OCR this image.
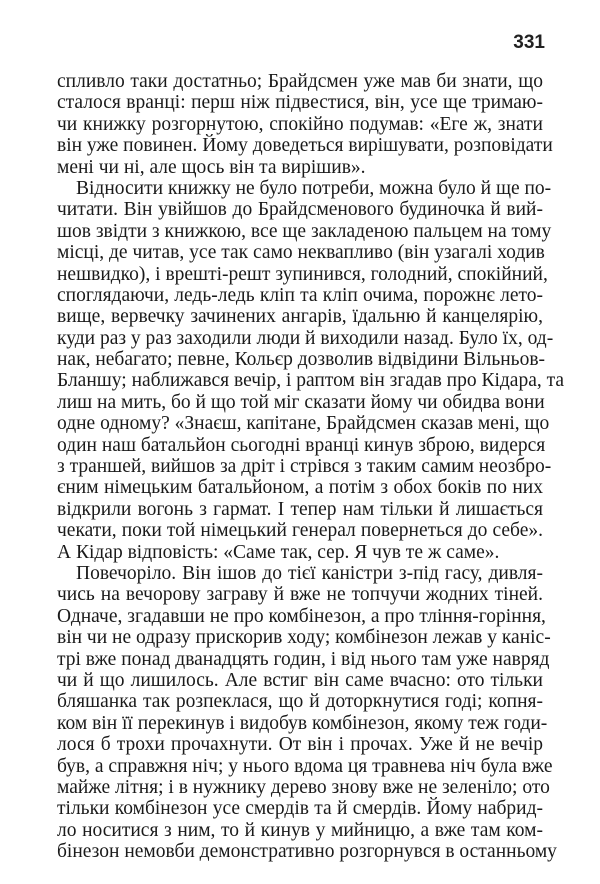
331
спливло таки достатньо; Брайдсмен уже мав би знати, що
сталося вранці: перш ніж підвестися, він, усе ще тримаю-
чи книжку розгорнутою, спокійно подумав: «Еге ж, знати
він уже повинен. Йому доведеться вирішувати, розповідати
мені чи ні, але щось він та вирішив».
Відносити книжку не було потреби, можна було й ще по-
читати. Він увійшов до Брайдсменового будиночка й вий-
шов звідти з книжкою, все ще закладеною пальцем на тому
місці, де читав, усе так само неквапливо (він узагалі ходив
нешвидко), і врешті-решт зупинився, голодний, спокійний,
споглядаючи, ледь-ледь кліп та кліп очима, порожнє лето-
вище, вервечку зачинених ангарів, їдальню й канцелярію,
куди раз у раз заходили люди й виходили назад. Було їх, од-
нак, небагато; певне, Кольєр дозволив відвідини Вільньов-
Бланшу; наближався вечір, і раптом він згадав про Кідара, та
лиш на мить, бо й що той міг сказати йому чи обидва вони
одне одному? «Знаєш, капітане, Брайдсмен сказав мені, що
один наш батальйон сьогодні вранці кинув зброю, видерся
з траншей, вийшов за дріт і стрівся з таким самим неозбро-
єним німецьким батальйоном, а потім з обох боків по них
відкрили вогонь з гармат. І тепер нам тільки й лишається
чекати, поки той німецький генерал повернеться до себе».
А Кідар відповість: «Саме так, сер. Я чув те ж саме».
Повечоріло. Він ішов до тієї каністри з-під гасу, дивля-
чись на вечорову заграву й вже не топчучи жодних тіней.
Одначе, згадавши не про комбінезон, а про тління-горіння,
він чи не одразу прискорив ходу; комбінезон лежав у каніс-
трі вже понад дванадцять годин, і від нього там уже навряд
чи й що лишилось. Але встиг він саме вчасно: ото тільки
бляшанка так розпеклася, що й доторкнутися годі; копня-
ком він її перекинув і видобув комбінезон, якому теж годи-
лося б трохи прочахнути. От він і прочах. Уже й не вечір
був, а справжня ніч; у нього вдома ця травнева ніч була вже
майже літня; і в нужнику дерево знову вже не зеленіло; ото
тільки комбінезон усе смердів та й смердів. Йому набрид-
ло носитися з ним, то й кинув у мийницю, а вже там ком-
бінезон немовби демонстративно розгорнувся в останньому
